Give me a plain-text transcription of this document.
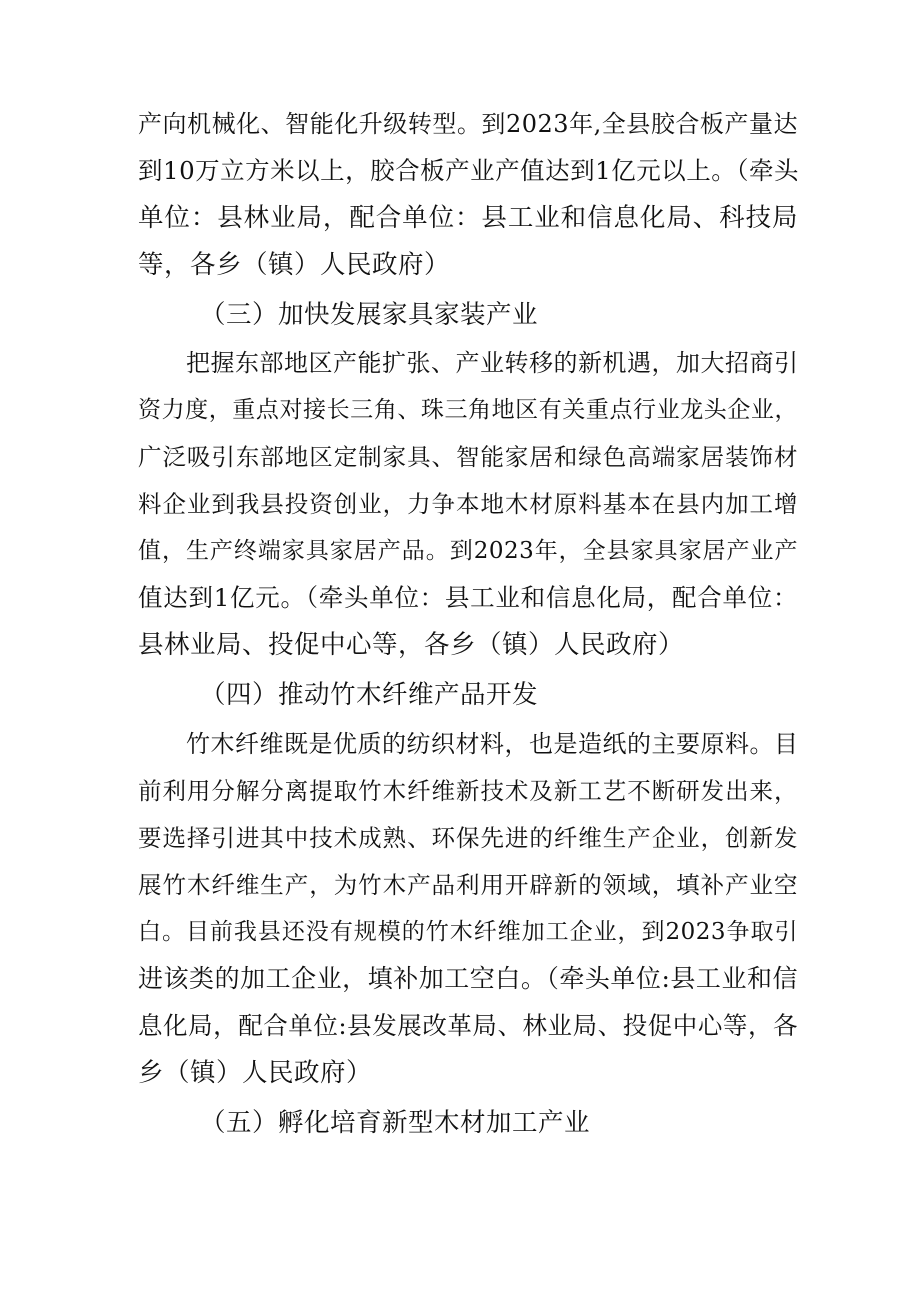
产向机械化、智能化升级转型。到2023年,全县胶合板产量达
到10万立方米以上，胶合板产业产值达到1亿元以上。（牵头
单位：县林业局，配合单位：县工业和信息化局、科技局
等，各乡（镇）人民政府）
（三）加快发展家具家装产业
把握东部地区产能扩张、产业转移的新机遇，加大招商引
资力度，重点对接长三角、珠三角地区有关重点行业龙头企业，
广泛吸引东部地区定制家具、智能家居和绿色高端家居装饰材
料企业到我县投资创业，力争本地木材原料基本在县内加工增
值，生产终端家具家居产品。到2023年，全县家具家居产业产
值达到1亿元。（牵头单位：县工业和信息化局，配合单位：
县林业局、投促中心等，各乡（镇）人民政府）
（四）推动竹木纤维产品开发
竹木纤维既是优质的纺织材料，也是造纸的主要原料。目
前利用分解分离提取竹木纤维新技术及新工艺不断研发出来，
要选择引进其中技术成熟、环保先进的纤维生产企业，创新发
展竹木纤维生产，为竹木产品利用开辟新的领域，填补产业空
白。目前我县还没有规模的竹木纤维加工企业，到2023争取引
进该类的加工企业，填补加工空白。（牵头单位:县工业和信
息化局，配合单位:县发展改革局、林业局、投促中心等，各
乡（镇）人民政府）
（五）孵化培育新型木材加工产业
